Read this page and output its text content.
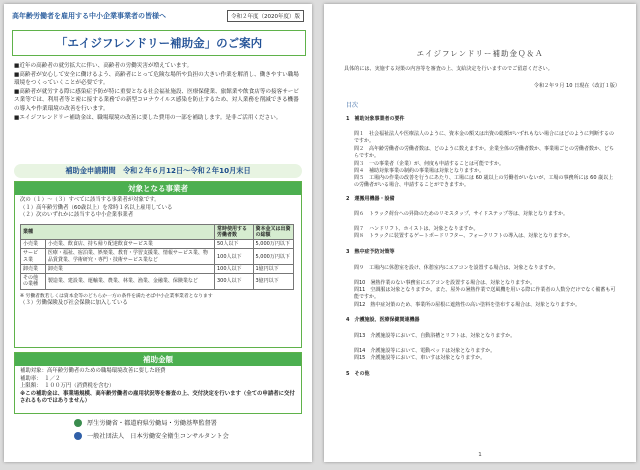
高年齢労働者を雇用する中小企業事業者の皆様へ	令和２年度（2020年度）版
「エイジフレンドリー補助金」のご案内
■近年の高齢者の就労拡大に伴い、高齢者の労働災害が増えています。
■高齢者が安心して安全に働けるよう、高齢者にとって危険な場所や負担の大きい作業を解消し、働きやすい職場環境をつくっていくことが必要です。
■高齢者が就労する際に感染症予防が特に重要となる社会福祉施設、医療保健業、旅館業や飲食店等の接客サービス業等では、利用者等と密に接する業務での新型コロナウイルス感染を防止するため、対人業務を削減できる機器の導入や作業環境の改善を行います。
■エイジフレンドリー補助金は、職場環境の改善に要した費用の一部を補助します。是非ご活用ください。
補助金申請期間　令和２年６月12日～令和２年10月末日
対象となる事業者
次の（１）～（３）すべてに該当する事業者が対象です。
（１）高年齢労働者（60歳以上）を常時１名以上雇用している
（２）次のいずれかに該当する中小企業事業者
業種		常時使用する労働者数	資本金又は出資の総額
小売業	小売業、飲食店、持ち帰り配達飲食サービス業	50人以下	5,000万円以下
サービス業	医療・福祉、宿泊業、娯楽業、教育・学習支援業、情報サービス業、物品賃貸業、学術研究・専門・技術サービス業など	100人以下	5,000万円以下
卸売業	卸売業	100人以下	1億円以下
その他の業種	製造業、建設業、運輸業、農業、林業、漁業、金融業、保険業など	300人以下	3億円以下
※ 労働者数若しくは資本金等のどちらか一方の条件を満たせば中小企業事業者となります
（３）労働保険及び社会保険に加入している
補助金額
補助対象：高年齢労働者のための職場環境改善に要した経費
補助率：　１／２
上限額：　１００万円（消費税を含む）
※この補助金は、事業場規模、高年齢労働者の雇用状況等を審査の上、交付決定を行います（全ての申請者に交付されるものではありません）
厚生労働省・都道府県労働局・労働基準監督署
一般社団法人　日本労働安全衛生コンサルタント会
エイジフレンドリー補助金Ｑ＆Ａ
具体的には、実施する対策の内容等を審査の上、支給決定を行いますのでご留意ください。
令和２年９月 10 日現在（改訂１版）
目次
1　補助対象事業者の要件
問１　社会福祉法人や医療法人のように、資本金の額又は出資の総額がいずれもない場合にはどのように判断するのですか。
問２　高年齢労働者の労働者数は、どのように数えますか。企業全体の労働者数か、事業場ごとの労働者数か、どちらですか。
問３　一の事業者（企業）が、何度も申請することは可能ですか。
問４　補助対象事業の制約の事業場は対象となりますか。
問５　工場内の作業の改善を行うにあたり、工場には 60 歳以上の労働者がいないが、工場の事務所には 60 歳以上の労働者がいる場合、申請することができますか。
2　運搬用機器・設備
問６　トラック荷台への昇降のためのリモスタップ、サイドステップ等は、対象となりますか。
問７　ハンドリフト、ホイストは、対象となりますか。
問８　トラックに装置するゲートボードリフター、フォークリフトの導入は、対象となりますか。
3　熱中症予防対策等
問９　工場内に休憩室を設け、休憩室内にエアコンを設置する場合は、対象となりますか。
問10　暑熱作業のない事務室にエアコンを設置する場合は、対象となりますか。
問11　空調服は対象となりますか。また、屋外の暑熱作業で送風機を用いる際に作業者の人数分だけでなく備蓄も可能ですか。
問12　熱中症対策のため、事業所の屋根に遮熱性の高い塗料を塗布する場合は、対象となりますか。
4　介護施設、医療保健関連機器
問13　介護施設等において、自動浴槽とリフトは、対象となりますか。
問14　介護施設等において、電動ベッドは対象となりますか。
問15　介護施設等において、車いすは対象となりますか。
5　その他
1
